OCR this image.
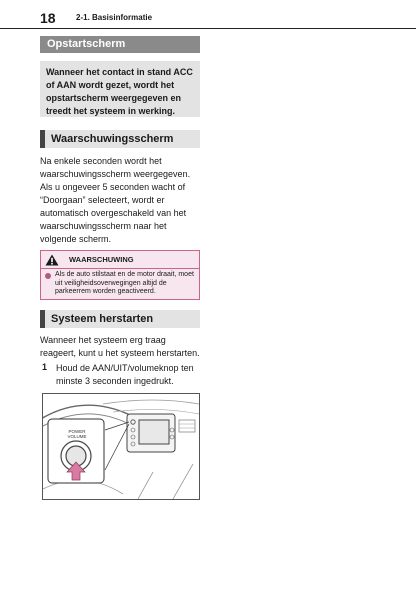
18	2-1. Basisinformatie
Opstartscherm
Wanneer het contact in stand ACC of AAN wordt gezet, wordt het opstartscherm weergegeven en treedt het systeem in werking.
Waarschuwingsscherm

Na enkele seconden wordt het waarschuwingsscherm weergegeven.

Als u ongeveer 5 seconden wacht of “Doorgaan” selecteert, wordt er automatisch overgeschakeld van het waarschuwingsscherm naar het volgende scherm.

WAARSCHUWING
Als de auto stilstaat en de motor draait, moet uit veiligheidsoverwegingen altijd de parkeerrem worden geactiveerd.
Systeem herstarten

Wanneer het systeem erg traag reageert, kunt u het systeem herstarten.

1 Houd de AAN/UIT/volumeknop ten minste 3 seconden ingedrukt.

POWER
VOLUME
